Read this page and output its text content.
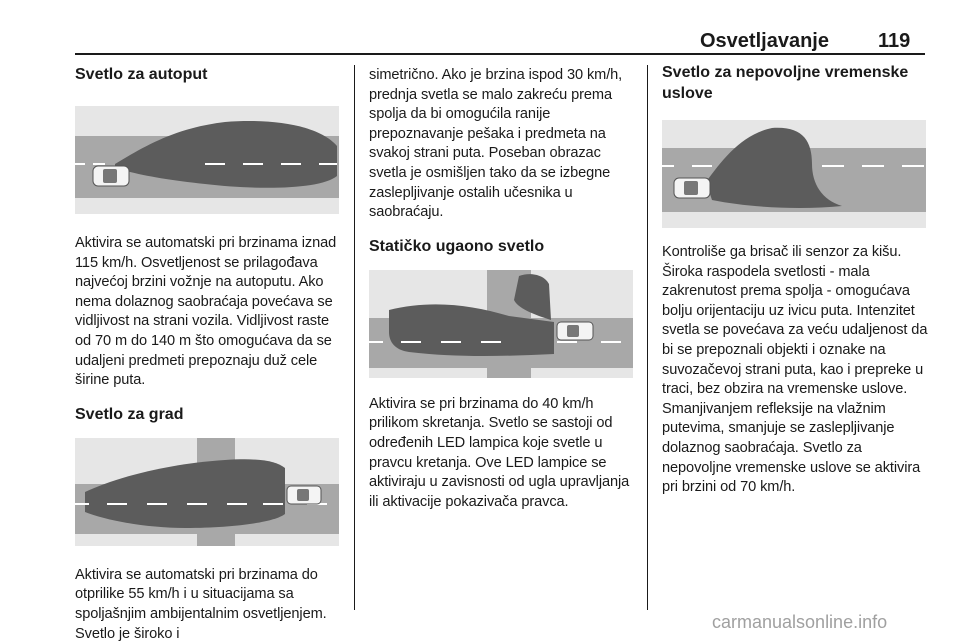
Osvetljavanje 119
Svetlo za autoput

Aktivira se automatski pri brzinama iznad 115 km/h. Osvetljenost se prilagođava najvećoj brzini vožnje na autoputu. Ako nema dolaznog saobraćaja povećava se vidljivost na strani vozila. Vidljivost raste od 70 m do 140 m što omogućava da se udaljeni predmeti prepoznaju duž cele širine puta.

Svetlo za grad

Aktivira se automatski pri brzinama do otprilike 55 km/h i u situacijama sa spoljašnjim ambijentalnim osvetljenjem. Svetlo je široko i

simetrično. Ako je brzina ispod 30 km/h, prednja svetla se malo zakreću prema spolja da bi omogućila ranije prepoznavanje pešaka i predmeta na svakoj strani puta. Poseban obrazac svetla je osmišljen tako da se izbegne zaslepljivanje ostalih učesnika u saobraćaju.

Statičko ugaono svetlo

Aktivira se pri brzinama do 40 km/h prilikom skretanja. Svetlo se sastoji od određenih LED lampica koje svetle u pravcu kretanja. Ove LED lampice se aktiviraju u zavisnosti od ugla upravljanja ili aktivacije pokazivača pravca.

Svetlo za nepovoljne vremenske uslove

Kontroliše ga brisač ili senzor za kišu. Široka raspodela svetlosti - mala zakrenutost prema spolja - omogućava bolju orijentaciju uz ivicu puta. Intenzitet svetla se povećava za veću udaljenost da bi se prepoznali objekti i oznake na suvozačevoj strani puta, kao i prepreke u traci, bez obzira na vremenske uslove. Smanjivanjem refleksije na vlažnim putevima, smanjuje se zaslepljivanje dolaznog saobraćaja. Svetlo za nepovoljne vremenske uslove se aktivira pri brzini od 70 km/h.

carmanualsonline.info
